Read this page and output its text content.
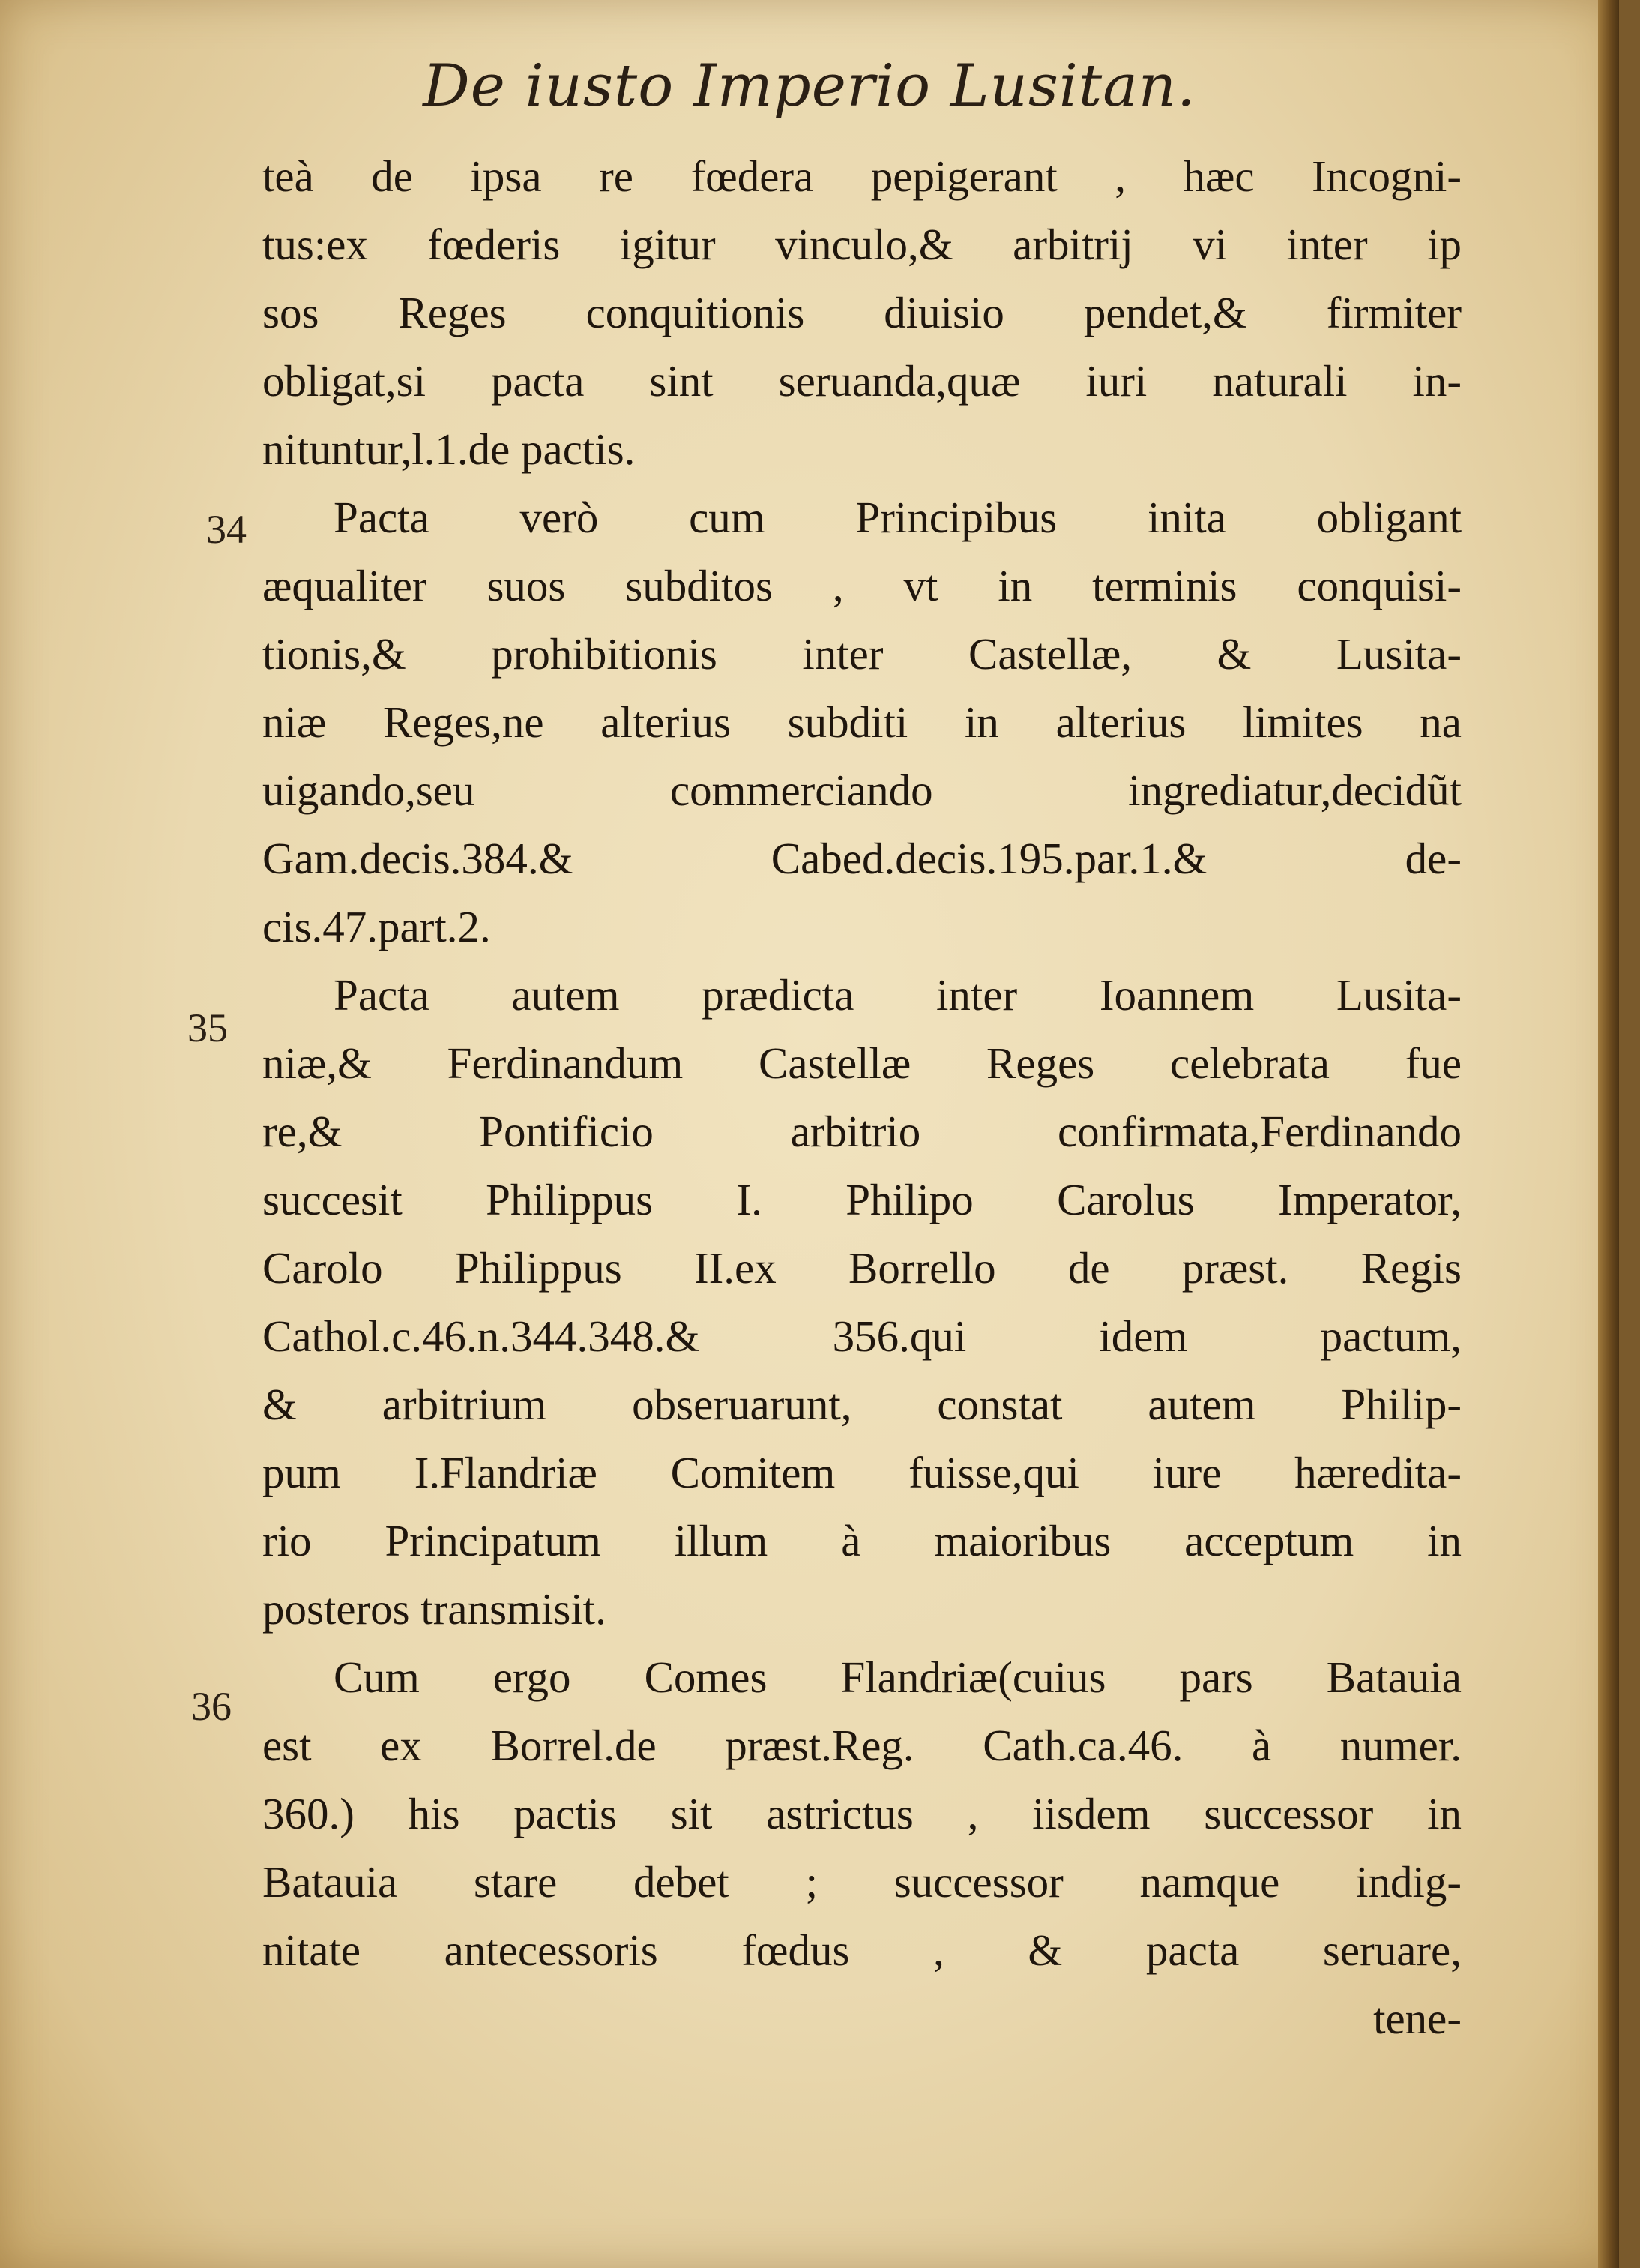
De iusto Imperio Lusitan.
34
35
36
teà de ipsa re fœdera pepigerant , hæc Incogni-
tus:ex fœderis igitur vinculo,& arbitrij vi inter ip
sos Reges conquitionis diuisio pendet,& firmiter
obligat,si pacta sint seruanda,quæ iuri naturali in-
nituntur,l.1.de pactis.
Pacta verò cum Principibus inita obligant
æqualiter suos subditos , vt in terminis conquisi-
tionis,& prohibitionis inter Castellæ, & Lusita-
niæ Reges,ne alterius subditi in alterius limites na
uigando,seu commerciando ingrediatur,decidũt
Gam.decis.384.& Cabed.decis.195.par.1.& de-
cis.47.part.2.
Pacta autem prædicta inter Ioannem Lusita-
niæ,& Ferdinandum Castellæ Reges celebrata fue
re,& Pontificio arbitrio confirmata,Ferdinando
succesit Philippus I. Philipo Carolus Imperator,
Carolo Philippus II.ex Borrello de præst. Regis
Cathol.c.46.n.344.348.& 356.qui idem pactum,
& arbitrium obseruarunt, constat autem Philip-
pum I.Flandriæ Comitem fuisse,qui iure hæredita-
rio Principatum illum à maioribus acceptum in
posteros transmisit.
Cum ergo Comes Flandriæ(cuius pars Batauia
est ex Borrel.de præst.Reg. Cath.ca.46. à numer.
360.) his pactis sit astrictus , iisdem successor in
Batauia stare debet ; successor namque indig-
nitate antecessoris fœdus , & pacta seruare,
tene-
